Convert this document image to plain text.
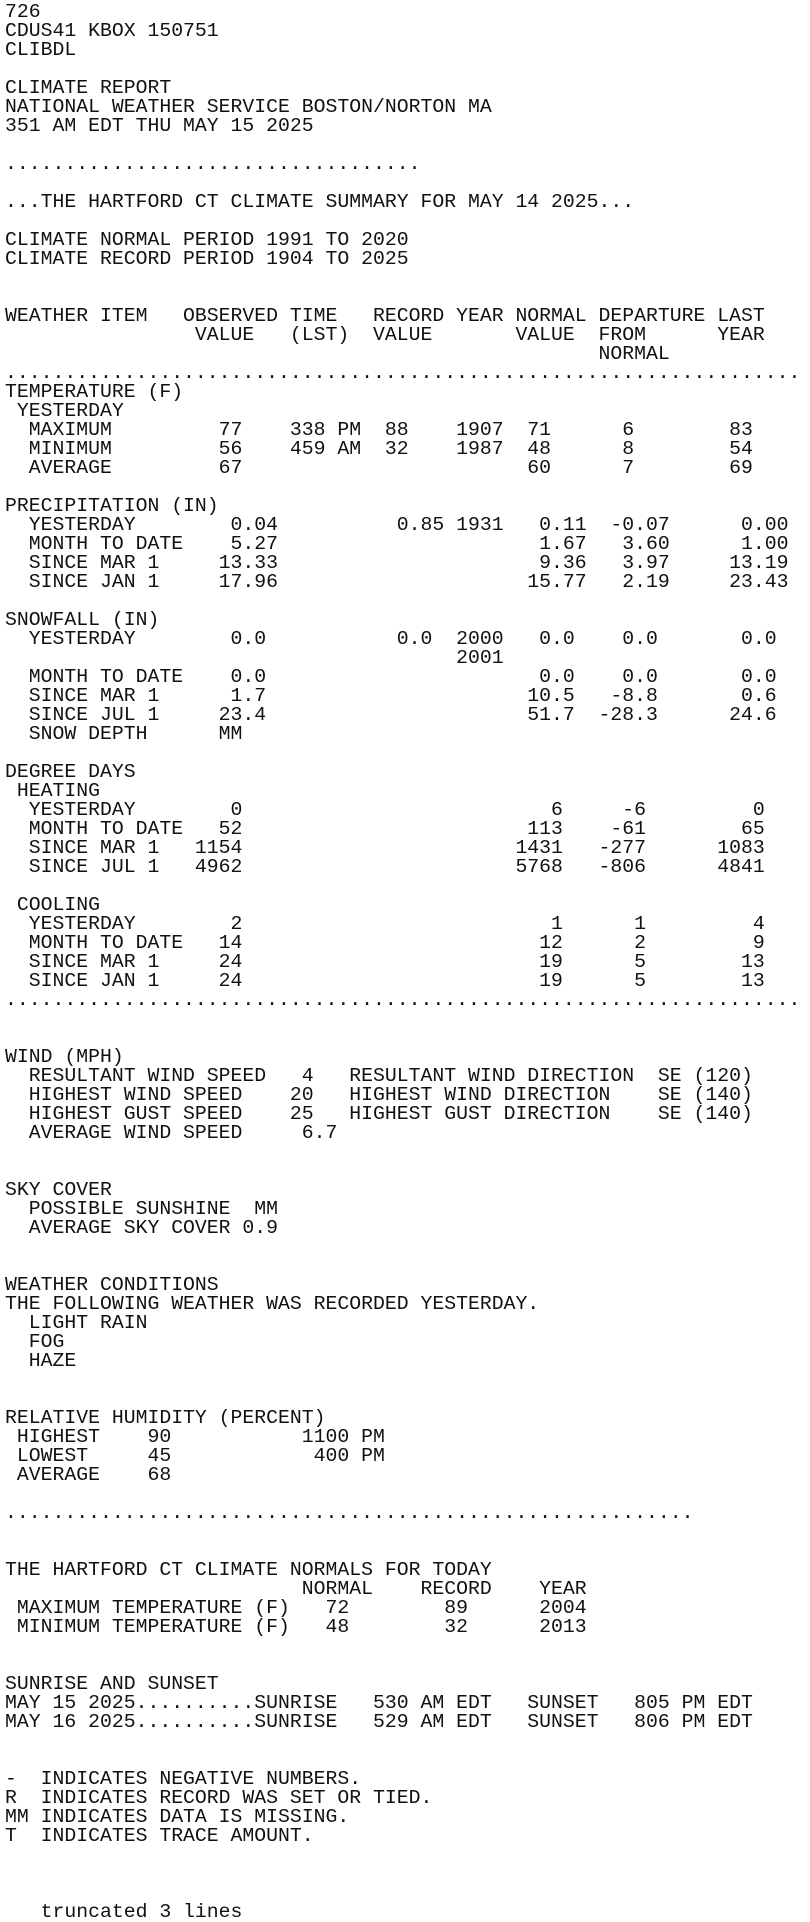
726
CDUS41 KBOX 150751
CLIBDL
CLIMATE REPORT
NATIONAL WEATHER SERVICE BOSTON/NORTON MA
351 AM EDT THU MAY 15 2025
...................................
...THE HARTFORD CT CLIMATE SUMMARY FOR MAY 14 2025...
CLIMATE NORMAL PERIOD 1991 TO 2020
CLIMATE RECORD PERIOD 1904 TO 2025
WEATHER ITEM   OBSERVED TIME   RECORD YEAR NORMAL DEPARTURE LAST
VALUE   (LST)  VALUE       VALUE  FROM      YEAR
NORMAL
...................................................................
TEMPERATURE (F)
YESTERDAY
MAXIMUM         77    338 PM  88    1907  71      6        83
MINIMUM         56    459 AM  32    1987  48      8        54
AVERAGE         67                        60      7        69
PRECIPITATION (IN)
YESTERDAY        0.04          0.85 1931   0.11  -0.07      0.00
MONTH TO DATE    5.27                      1.67   3.60      1.00
SINCE MAR 1     13.33                      9.36   3.97     13.19
SINCE JAN 1     17.96                     15.77   2.19     23.43
SNOWFALL (IN)
YESTERDAY        0.0           0.0  2000   0.0    0.0       0.0
2001
MONTH TO DATE    0.0                       0.0    0.0       0.0
SINCE MAR 1      1.7                      10.5   -8.8       0.6
SINCE JUL 1     23.4                      51.7  -28.3      24.6
SNOW DEPTH      MM
DEGREE DAYS
HEATING
YESTERDAY        0                          6     -6         0
MONTH TO DATE   52                        113    -61        65
SINCE MAR 1   1154                       1431   -277      1083
SINCE JUL 1   4962                       5768   -806      4841
COOLING
YESTERDAY        2                          1      1         4
MONTH TO DATE   14                         12      2         9
SINCE MAR 1     24                         19      5        13
SINCE JAN 1     24                         19      5        13
...................................................................
WIND (MPH)
RESULTANT WIND SPEED   4   RESULTANT WIND DIRECTION  SE (120)
HIGHEST WIND SPEED    20   HIGHEST WIND DIRECTION    SE (140)
HIGHEST GUST SPEED    25   HIGHEST GUST DIRECTION    SE (140)
AVERAGE WIND SPEED     6.7
SKY COVER
POSSIBLE SUNSHINE  MM
AVERAGE SKY COVER 0.9
WEATHER CONDITIONS
THE FOLLOWING WEATHER WAS RECORDED YESTERDAY.
LIGHT RAIN
FOG
HAZE
RELATIVE HUMIDITY (PERCENT)
HIGHEST    90           1100 PM
LOWEST     45            400 PM
AVERAGE    68
..........................................................
THE HARTFORD CT CLIMATE NORMALS FOR TODAY
NORMAL    RECORD    YEAR
MAXIMUM TEMPERATURE (F)   72        89      2004
MINIMUM TEMPERATURE (F)   48        32      2013
SUNRISE AND SUNSET
MAY 15 2025..........SUNRISE   530 AM EDT   SUNSET   805 PM EDT
MAY 16 2025..........SUNRISE   529 AM EDT   SUNSET   806 PM EDT
-  INDICATES NEGATIVE NUMBERS.
R  INDICATES RECORD WAS SET OR TIED.
MM INDICATES DATA IS MISSING.
T  INDICATES TRACE AMOUNT.
truncated 3 lines
